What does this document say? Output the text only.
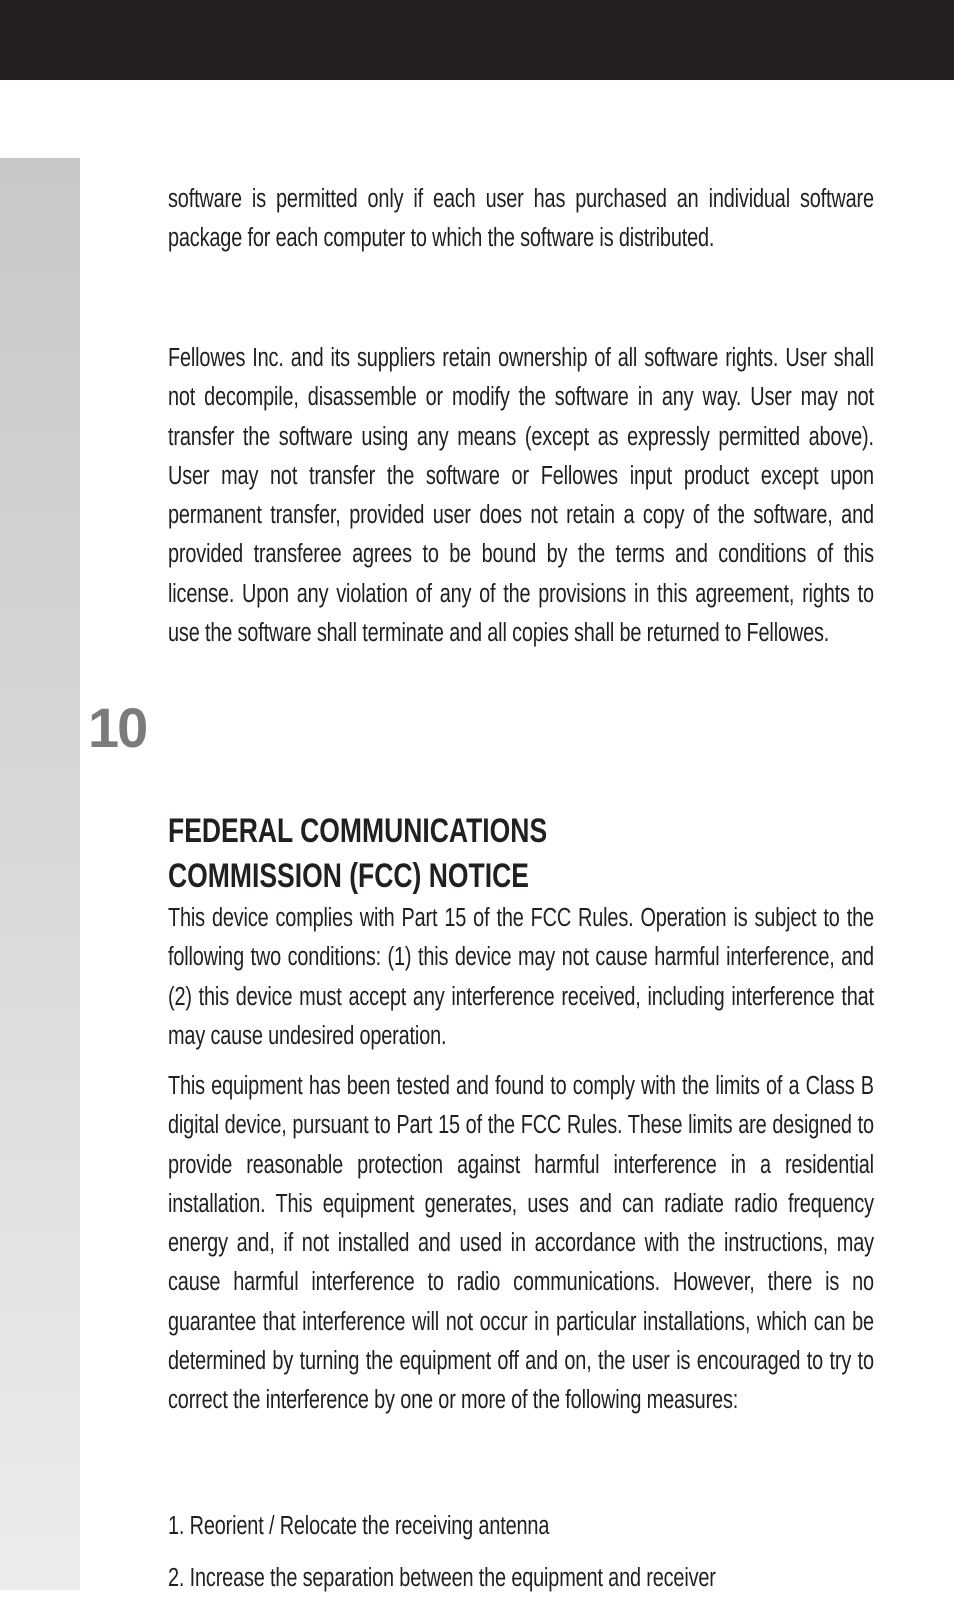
10

software is permitted only if each user has purchased an individual software package for each computer to which the software is distributed.

Fellowes Inc. and its suppliers retain ownership of all software rights. User shall not decompile, disassemble or modify the software in any way. User may not transfer the software using any means (except as expressly permitted above). User may not transfer the software or Fellowes input product except upon permanent transfer, provided user does not retain a copy of the software, and provided transferee agrees to be bound by the terms and conditions of this license. Upon any violation of any of the provisions in this agreement, rights to use the software shall terminate and all copies shall be returned to Fellowes.

FEDERAL COMMUNICATIONS
COMMISSION (FCC) NOTICE

This device complies with Part 15 of the FCC Rules. Operation is subject to the following two conditions: (1) this device may not cause harmful interference, and (2) this device must accept any interference received, including interference that may cause undesired operation.

This equipment has been tested and found to comply with the limits of a Class B digital device, pursuant to Part 15 of the FCC Rules. These limits are designed to provide reasonable protection against harmful interference in a residential installation. This equipment generates, uses and can radiate radio frequency energy and, if not installed and used in accordance with the instructions, may cause harmful interference to radio communications. However, there is no guarantee that interference will not occur in particular installations, which can be determined by turning the equipment off and on, the user is encouraged to try to correct the interference by one or more of the following measures:

1. Reorient / Relocate the receiving antenna
2. Increase the separation between the equipment and receiver
